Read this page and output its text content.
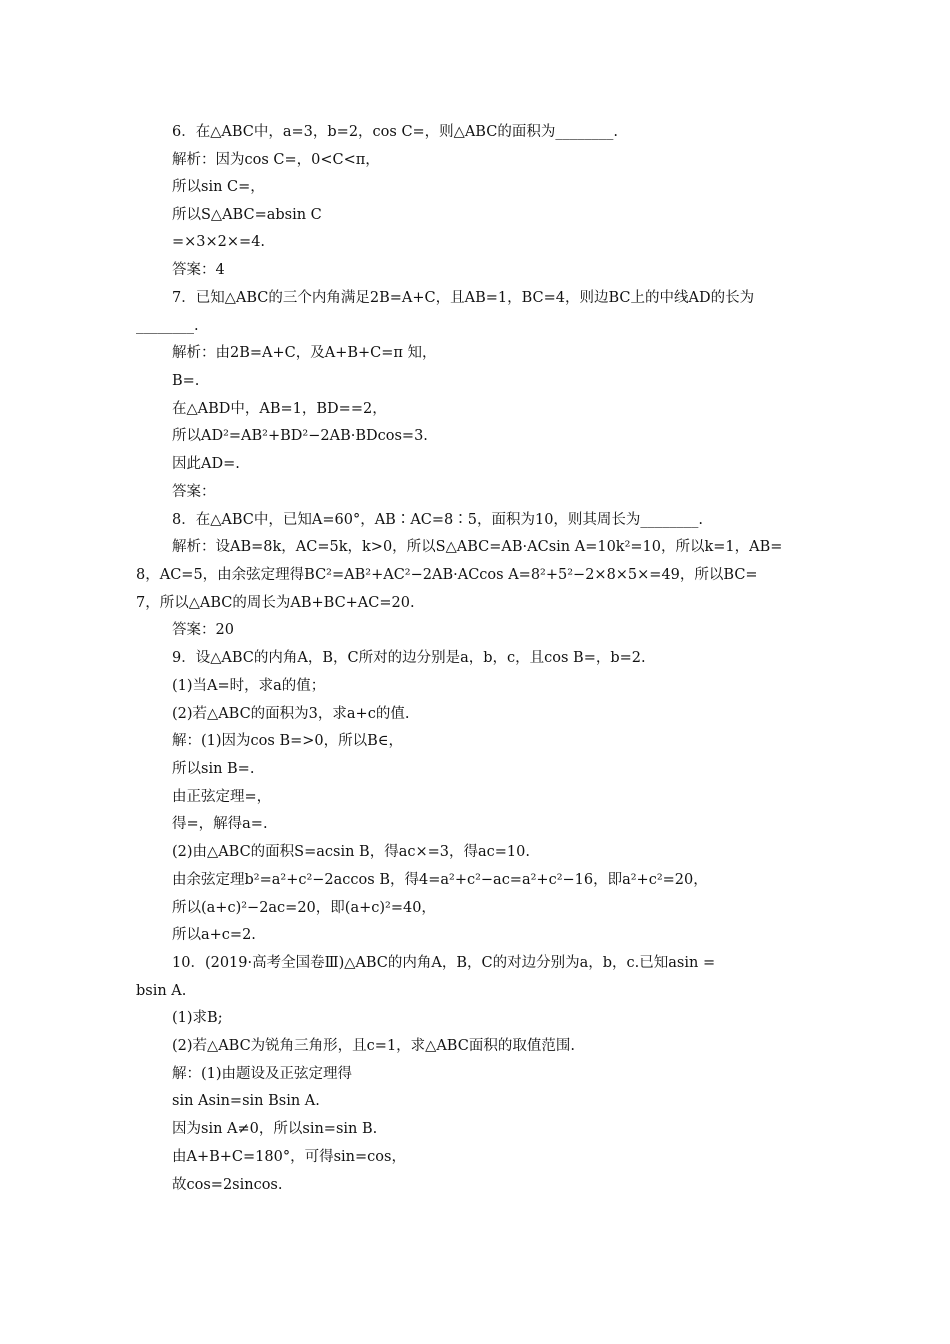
6．在△ABC中，a=3，b=2，cos C=，则△ABC的面积为________.
解析：因为cos C=，0<C<π，
所以sin C=，
所以S△ABC=absin C
=×3×2×=4.
答案：4
7．已知△ABC的三个内角满足2B=A+C，且AB=1，BC=4，则边BC上的中线AD的长为
________.
解析：由2B=A+C，及A+B+C=π 知，
B=.
在△ABD中，AB=1，BD==2，
所以AD²=AB²+BD²−2AB·BDcos=3.
因此AD=.
答案：
8．在△ABC中，已知A=60°，AB∶AC=8∶5，面积为10，则其周长为________.
解析：设AB=8k，AC=5k，k>0，所以S△ABC=AB·ACsin A=10k²=10，所以k=1，AB=
8，AC=5，由余弦定理得BC²=AB²+AC²−2AB·ACcos A=8²+5²−2×8×5×=49，所以BC=
7，所以△ABC的周长为AB+BC+AC=20.
答案：20
9．设△ABC的内角A，B，C所对的边分别是a，b，c，且cos B=，b=2.
(1)当A=时，求a的值；
(2)若△ABC的面积为3，求a+c的值.
解：(1)因为cos B=>0，所以B∈，
所以sin B=.
由正弦定理=，
得=，解得a=.
(2)由△ABC的面积S=acsin B，得ac×=3，得ac=10.
由余弦定理b²=a²+c²−2accos B，得4=a²+c²−ac=a²+c²−16，即a²+c²=20，
所以(a+c)²−2ac=20，即(a+c)²=40，
所以a+c=2.
10．(2019·高考全国卷Ⅲ)△ABC的内角A，B，C的对边分别为a，b，c.已知asin =
bsin A.
(1)求B;
(2)若△ABC为锐角三角形，且c=1，求△ABC面积的取值范围.
解：(1)由题设及正弦定理得
sin Asin=sin Bsin A.
因为sin A≠0，所以sin=sin B.
由A+B+C=180°，可得sin=cos，
故cos=2sincos.
